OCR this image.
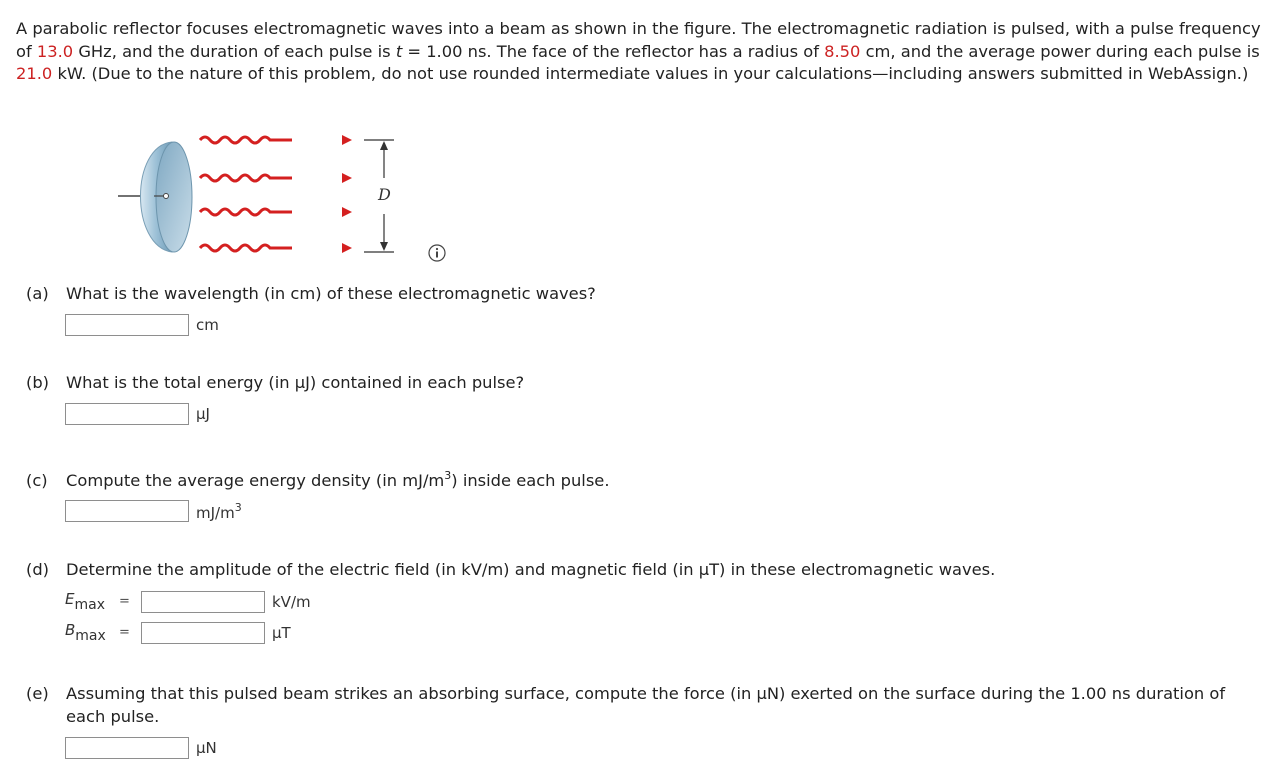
A parabolic reflector focuses electromagnetic waves into a beam as shown in the figure. The electromagnetic radiation is pulsed, with a pulse frequency of 13.0 GHz, and the duration of each pulse is t = 1.00 ns. The face of the reflector has a radius of 8.50 cm, and the average power during each pulse is 21.0 kW. (Due to the nature of this problem, do not use rounded intermediate values in your calculations—including answers submitted in WebAssign.)
D
(a) What is the wavelength (in cm) of these electromagnetic waves?
cm
(b) What is the total energy (in μJ) contained in each pulse?
μJ
(c) Compute the average energy density (in $mJ/m^3$) inside each pulse.
$mJ/m^3$
(d) Determine the amplitude of the electric field (in kV/m) and magnetic field (in μT) in these electromagnetic waves.
$E_{max}$	=	kV/m
$B_{max}$	=	μT
(e)	Assuming that this pulsed beam strikes an absorbing surface, compute the force (in μN) exerted on the surface during the 1.00 ns duration of each pulse.
μN
